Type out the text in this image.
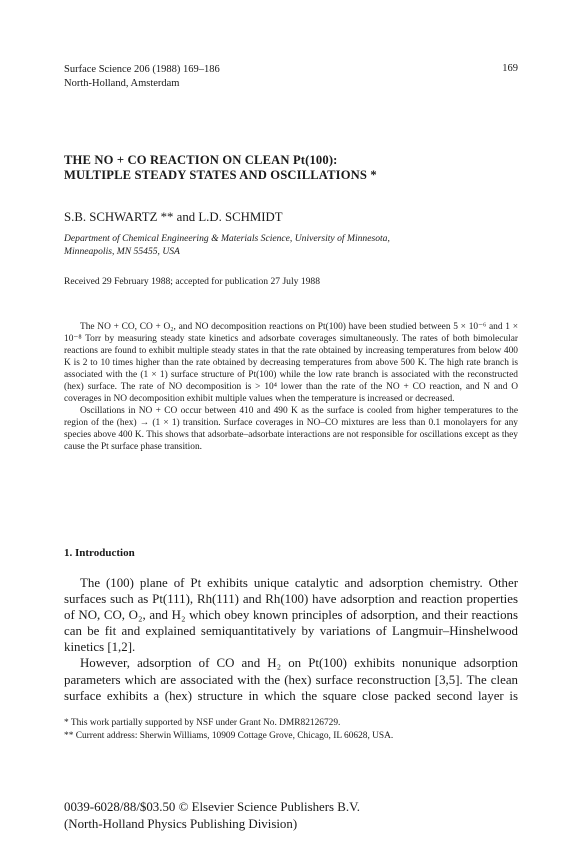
Surface Science 206 (1988) 169–186
North-Holland, Amsterdam
169
THE NO + CO REACTION ON CLEAN Pt(100):
MULTIPLE STEADY STATES AND OSCILLATIONS *
S.B. SCHWARTZ ** and L.D. SCHMIDT
Department of Chemical Engineering & Materials Science, University of Minnesota,
Minneapolis, MN 55455, USA
Received 29 February 1988; accepted for publication 27 July 1988

The NO + CO, CO + O₂, and NO decomposition reactions on Pt(100) have been studied between 5 × 10⁻⁶ and 1 × 10⁻⁸ Torr by measuring steady state kinetics and adsorbate coverages simultaneously. The rates of both bimolecular reactions are found to exhibit multiple steady states in that the rate obtained by increasing temperatures from below 400 K is 2 to 10 times higher than the rate obtained by decreasing temperatures from above 500 K. The high rate branch is associated with the (1 × 1) surface structure of Pt(100) while the low rate branch is associated with the reconstructed (hex) surface. The rate of NO decomposition is > 10⁴ lower than the rate of the NO + CO reaction, and N and O coverages in NO decomposition exhibit multiple values when the temperature is increased or decreased.

Oscillations in NO + CO occur between 410 and 490 K as the surface is cooled from higher temperatures to the region of the (hex) → (1 × 1) transition. Surface coverages in NO–CO mixtures are less than 0.1 monolayers for any species above 400 K. This shows that adsorbate–adsorbate interactions are not responsible for oscillations except as they cause the Pt surface phase transition.

1. Introduction

The (100) plane of Pt exhibits unique catalytic and adsorption chemistry. Other surfaces such as Pt(111), Rh(111) and Rh(100) have adsorption and reaction properties of NO, CO, O₂, and H₂ which obey known principles of adsorption, and their reactions can be fit and explained semiquantitatively by variations of Langmuir–Hinshelwood kinetics [1,2].

However, adsorption of CO and H₂ on Pt(100) exhibits nonunique adsorption parameters which are associated with the (hex) surface reconstruction [3,5]. The clean surface exhibits a (hex) structure in which the square close packed second layer is

* This work partially supported by NSF under Grant No. DMR82126729.
** Current address: Sherwin Williams, 10909 Cottage Grove, Chicago, IL 60628, USA.
0039-6028/88/$03.50 © Elsevier Science Publishers B.V.
(North-Holland Physics Publishing Division)
